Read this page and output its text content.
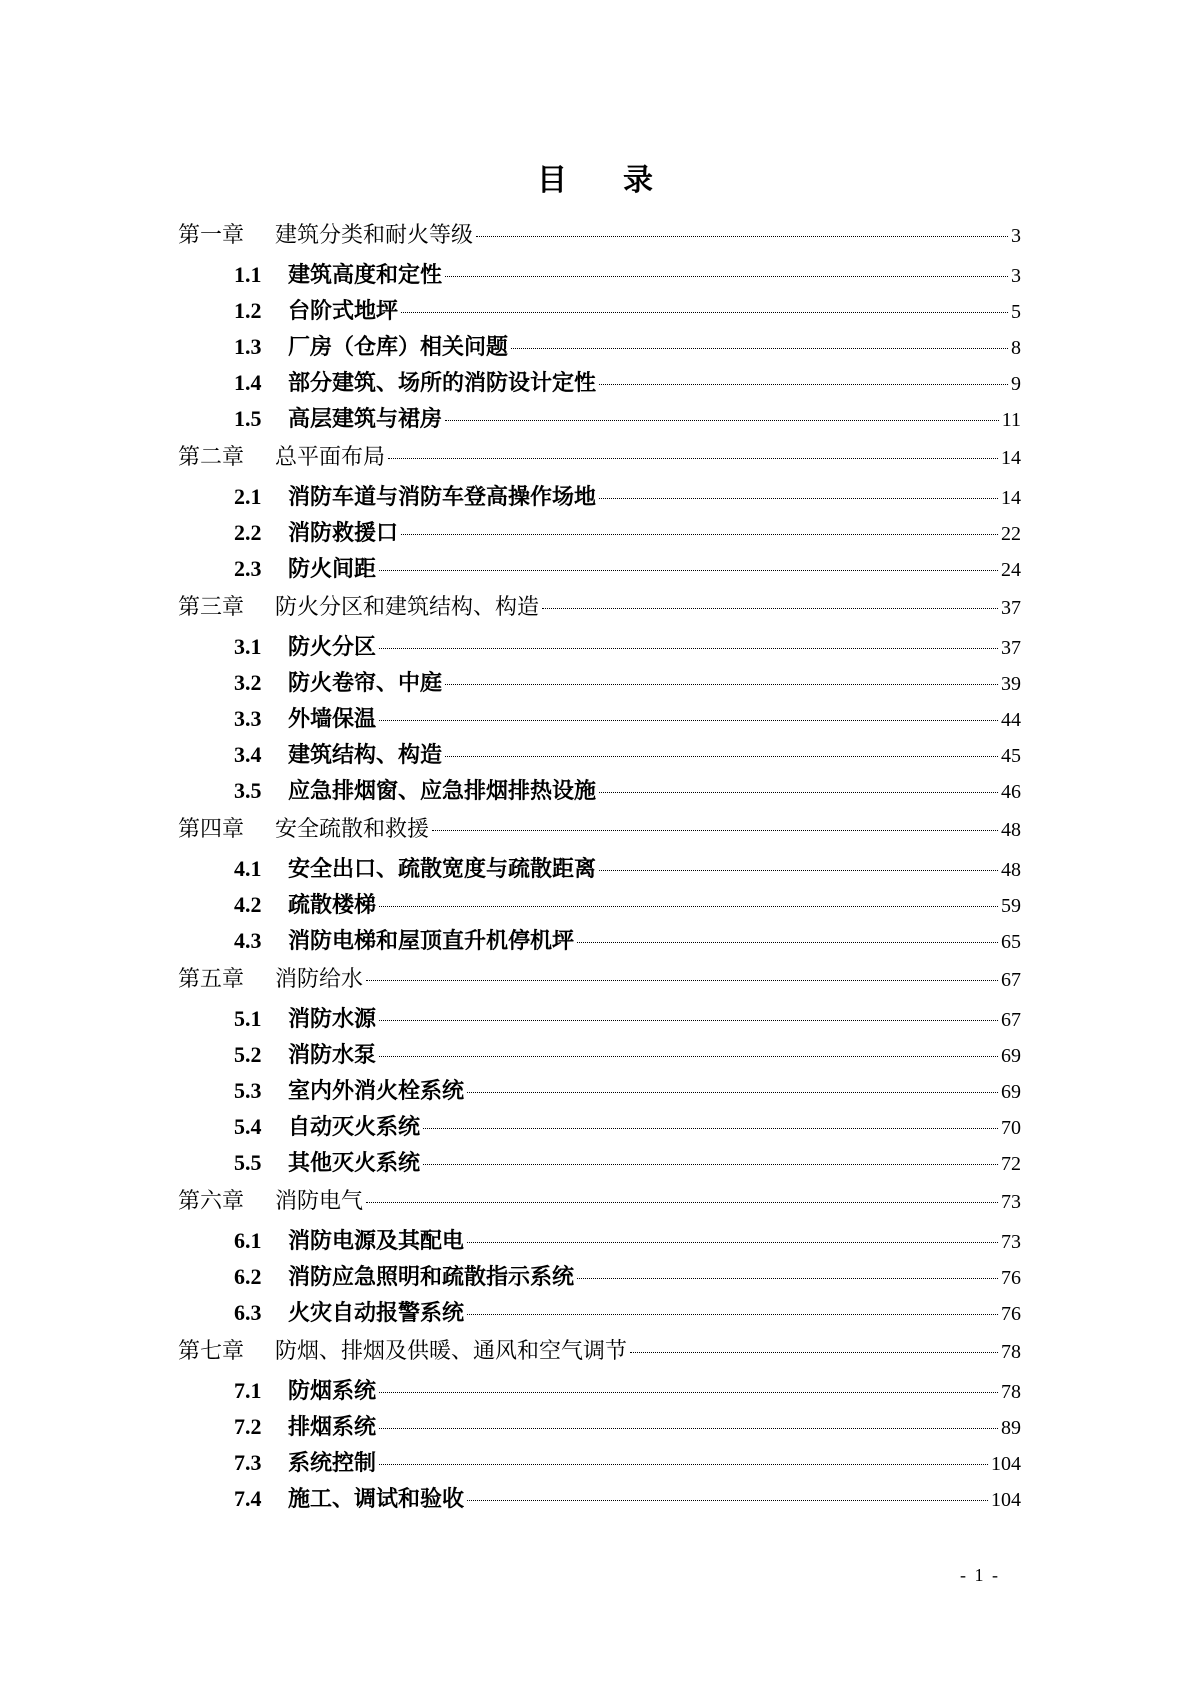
目 录
第一章 建筑分类和耐火等级	3
1.1 建筑高度和定性	3
1.2 台阶式地坪	5
1.3 厂房（仓库）相关问题	8
1.4 部分建筑、场所的消防设计定性	9
1.5 高层建筑与裙房	11
第二章 总平面布局	14
2.1 消防车道与消防车登高操作场地	14
2.2 消防救援口	22
2.3 防火间距	24
第三章 防火分区和建筑结构、构造	37
3.1 防火分区	37
3.2 防火卷帘、中庭	39
3.3 外墙保温	44
3.4 建筑结构、构造	45
3.5 应急排烟窗、应急排烟排热设施	46
第四章 安全疏散和救援	48
4.1 安全出口、疏散宽度与疏散距离	48
4.2 疏散楼梯	59
4.3 消防电梯和屋顶直升机停机坪	65
第五章 消防给水	67
5.1 消防水源	67
5.2 消防水泵	69
5.3 室内外消火栓系统	69
5.4 自动灭火系统	70
5.5 其他灭火系统	72
第六章 消防电气	73
6.1 消防电源及其配电	73
6.2 消防应急照明和疏散指示系统	76
6.3 火灾自动报警系统	76
第七章 防烟、排烟及供暖、通风和空气调节	78
7.1 防烟系统	78
7.2 排烟系统	89
7.3 系统控制	104
7.4 施工、调试和验收	104
- 1 -
